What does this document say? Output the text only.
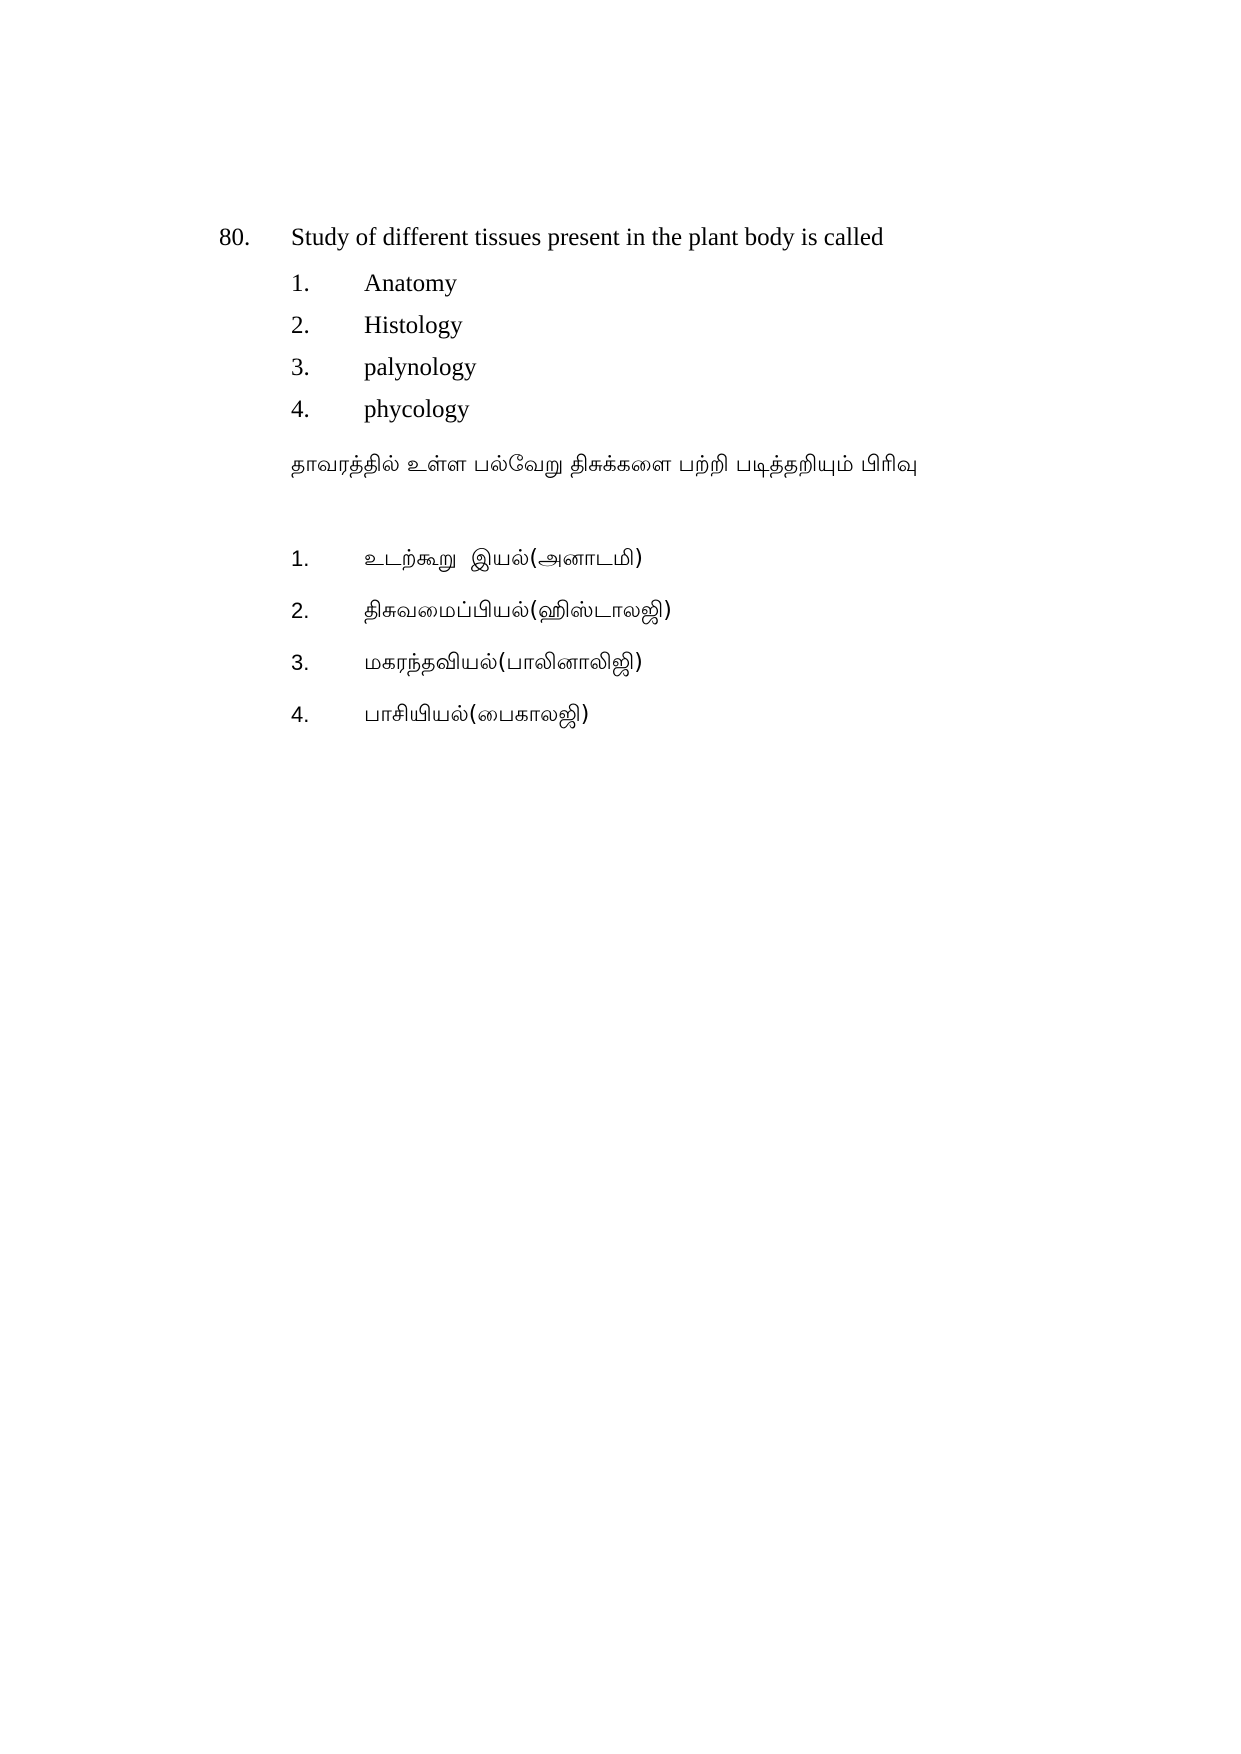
80. Study of different tissues present in the plant body is called
1.	Anatomy
2.	Histology
3.	palynology
4.	phycology
தாவரத்தில் உள்ள பல்வேறு திசுக்களை பற்றி படித்தறியும் பிரிவு
1.	உடற்கூறு  இயல்(அனாடமி)
2.	திசுவமைப்பியல்(ஹிஸ்டாலஜி)
3.	மகரந்தவியல்(பாலினாலிஜி)
4.	பாசியியல்(பைகாலஜி)
